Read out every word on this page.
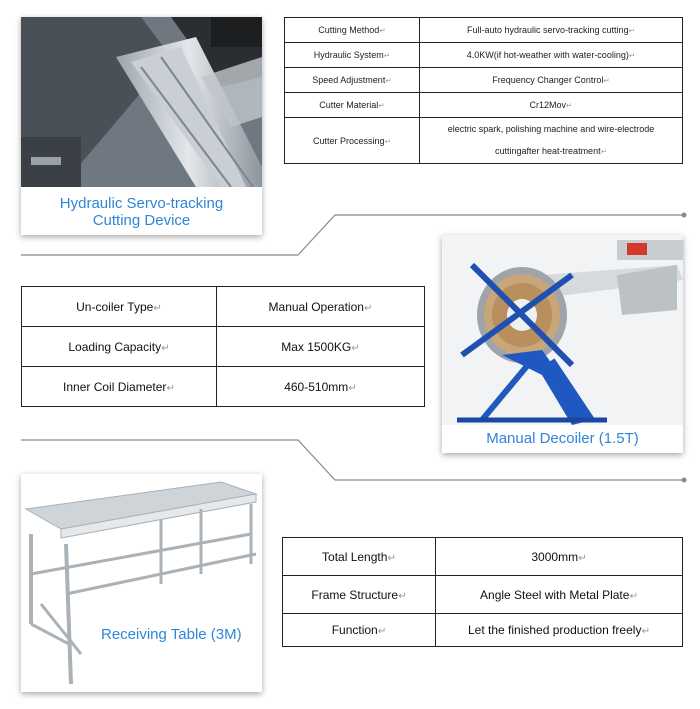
Hydraulic Servo-tracking
Cutting Device
Cutting Method↵	Full-auto hydraulic servo-tracking cutting↵
Hydraulic System↵	4.0KW(if hot-weather with water-cooling)↵
Speed Adjustment↵	Frequency Changer Control↵
Cutter Material↵	Cr12Mov↵
Cutter Processing↵	electric spark, polishing machine and wire-electrode
cuttingafter heat-treatment↵
Un-coiler Type↵	Manual Operation↵
Loading Capacity↵	Max 1500KG↵
Inner Coil Diameter↵	460-510mm↵
Manual Decoiler (1.5T)
Receiving Table (3M)
Total Length↵	3000mm↵
Frame Structure↵	Angle Steel with Metal Plate↵
Function↵	Let the finished production freely↵
